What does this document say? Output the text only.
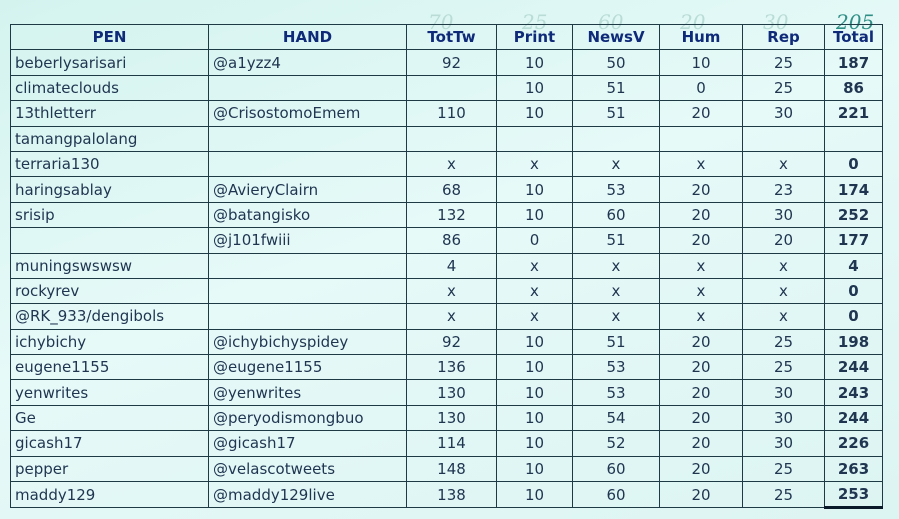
70	25	60	20	30 205
PEN	HAND	TotTw	Print	NewsV	Hum	Rep	Total
beberlysarisari	@a1yzz4	92	10	50	10	25	187
climateclouds			10	51	0	25	86
13thletterr	@CrisostomoEmem	110	10	51	20	30	221
tamangpalolang							
terraria130		x	x	x	x	x	0
haringsablay	@AvieryClairn	68	10	53	20	23	174
srisip	@batangisko	132	10	60	20	30	252
	@j101fwiii	86	0	51	20	20	177
muningswswsw		4	x	x	x	x	4
rockyrev		x	x	x	x	x	0
@RK_933/dengibols		x	x	x	x	x	0
ichybichy	@ichybichyspidey	92	10	51	20	25	198
eugene1155	@eugene1155	136	10	53	20	25	244
yenwrites	@yenwrites	130	10	53	20	30	243
Ge	@peryodismongbuo	130	10	54	20	30	244
gicash17	@gicash17	114	10	52	20	30	226
pepper	@velascotweets	148	10	60	20	25	263
maddy129	@maddy129live	138	10	60	20	25	253
